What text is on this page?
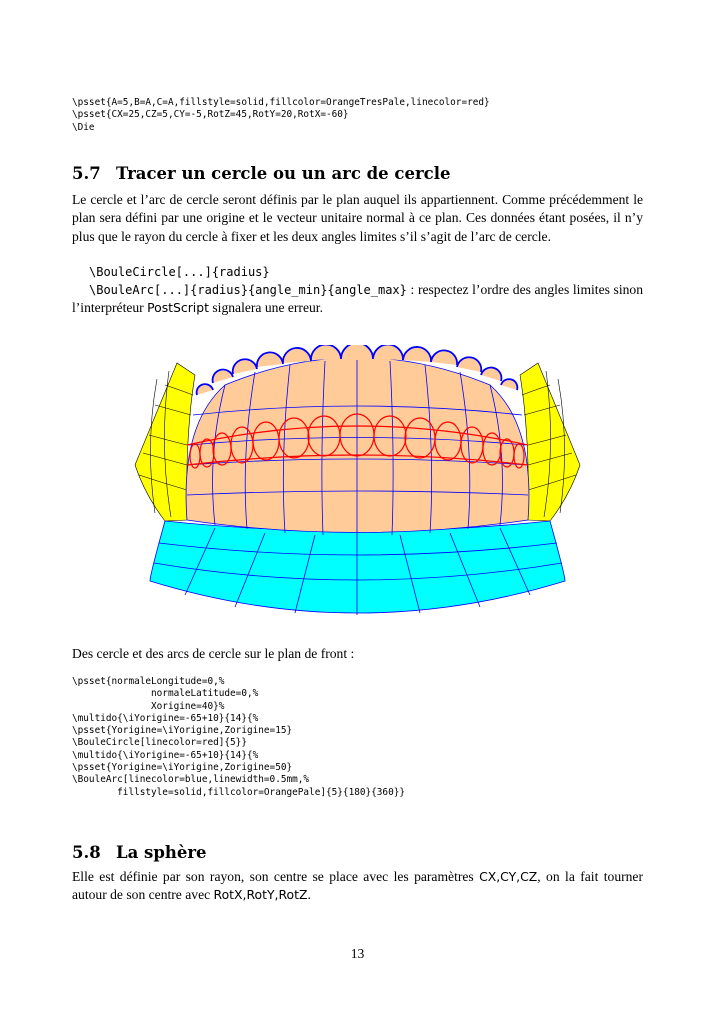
\psset{A=5,B=A,C=A,fillstyle=solid,fillcolor=OrangeTresPale,linecolor=red}
\psset{CX=25,CZ=5,CY=-5,RotZ=45,RotY=20,RotX=-60}
\Die
5.7 Tracer un cercle ou un arc de cercle

Le cercle et l’arc de cercle seront définis par le plan auquel ils appartiennent. Comme précédemment le plan sera défini par une origine et le vecteur unitaire normal à ce plan. Ces données étant posées, il n’y plus que le rayon du cercle à fixer et les deux angles limites s’il s’agit de l’arc de cercle.

\BouleCircle[...]{radius}

\BouleArc[...]{radius}{angle_min}{angle_max} : respectez l’ordre des angles limites sinon l’interpréteur PostScript signalera une erreur.

Des cercle et des arcs de cercle sur le plan de front :

\psset{normaleLongitude=0,%
normaleLatitude=0,%
Xorigine=40}%
\multido{\iYorigine=-65+10}{14}{%
\psset{Yorigine=\iYorigine,Zorigine=15}
\BouleCircle[linecolor=red]{5}}
\multido{\iYorigine=-65+10}{14}{%
\psset{Yorigine=\iYorigine,Zorigine=50}
\BouleArc[linecolor=blue,linewidth=0.5mm,%
fillstyle=solid,fillcolor=OrangePale]{5}{180}{360}}
5.8 La sphère

Elle est définie par son rayon, son centre se place avec les paramètres CX,CY,CZ, on la fait tourner autour de son centre avec RotX,RotY,RotZ.

13
